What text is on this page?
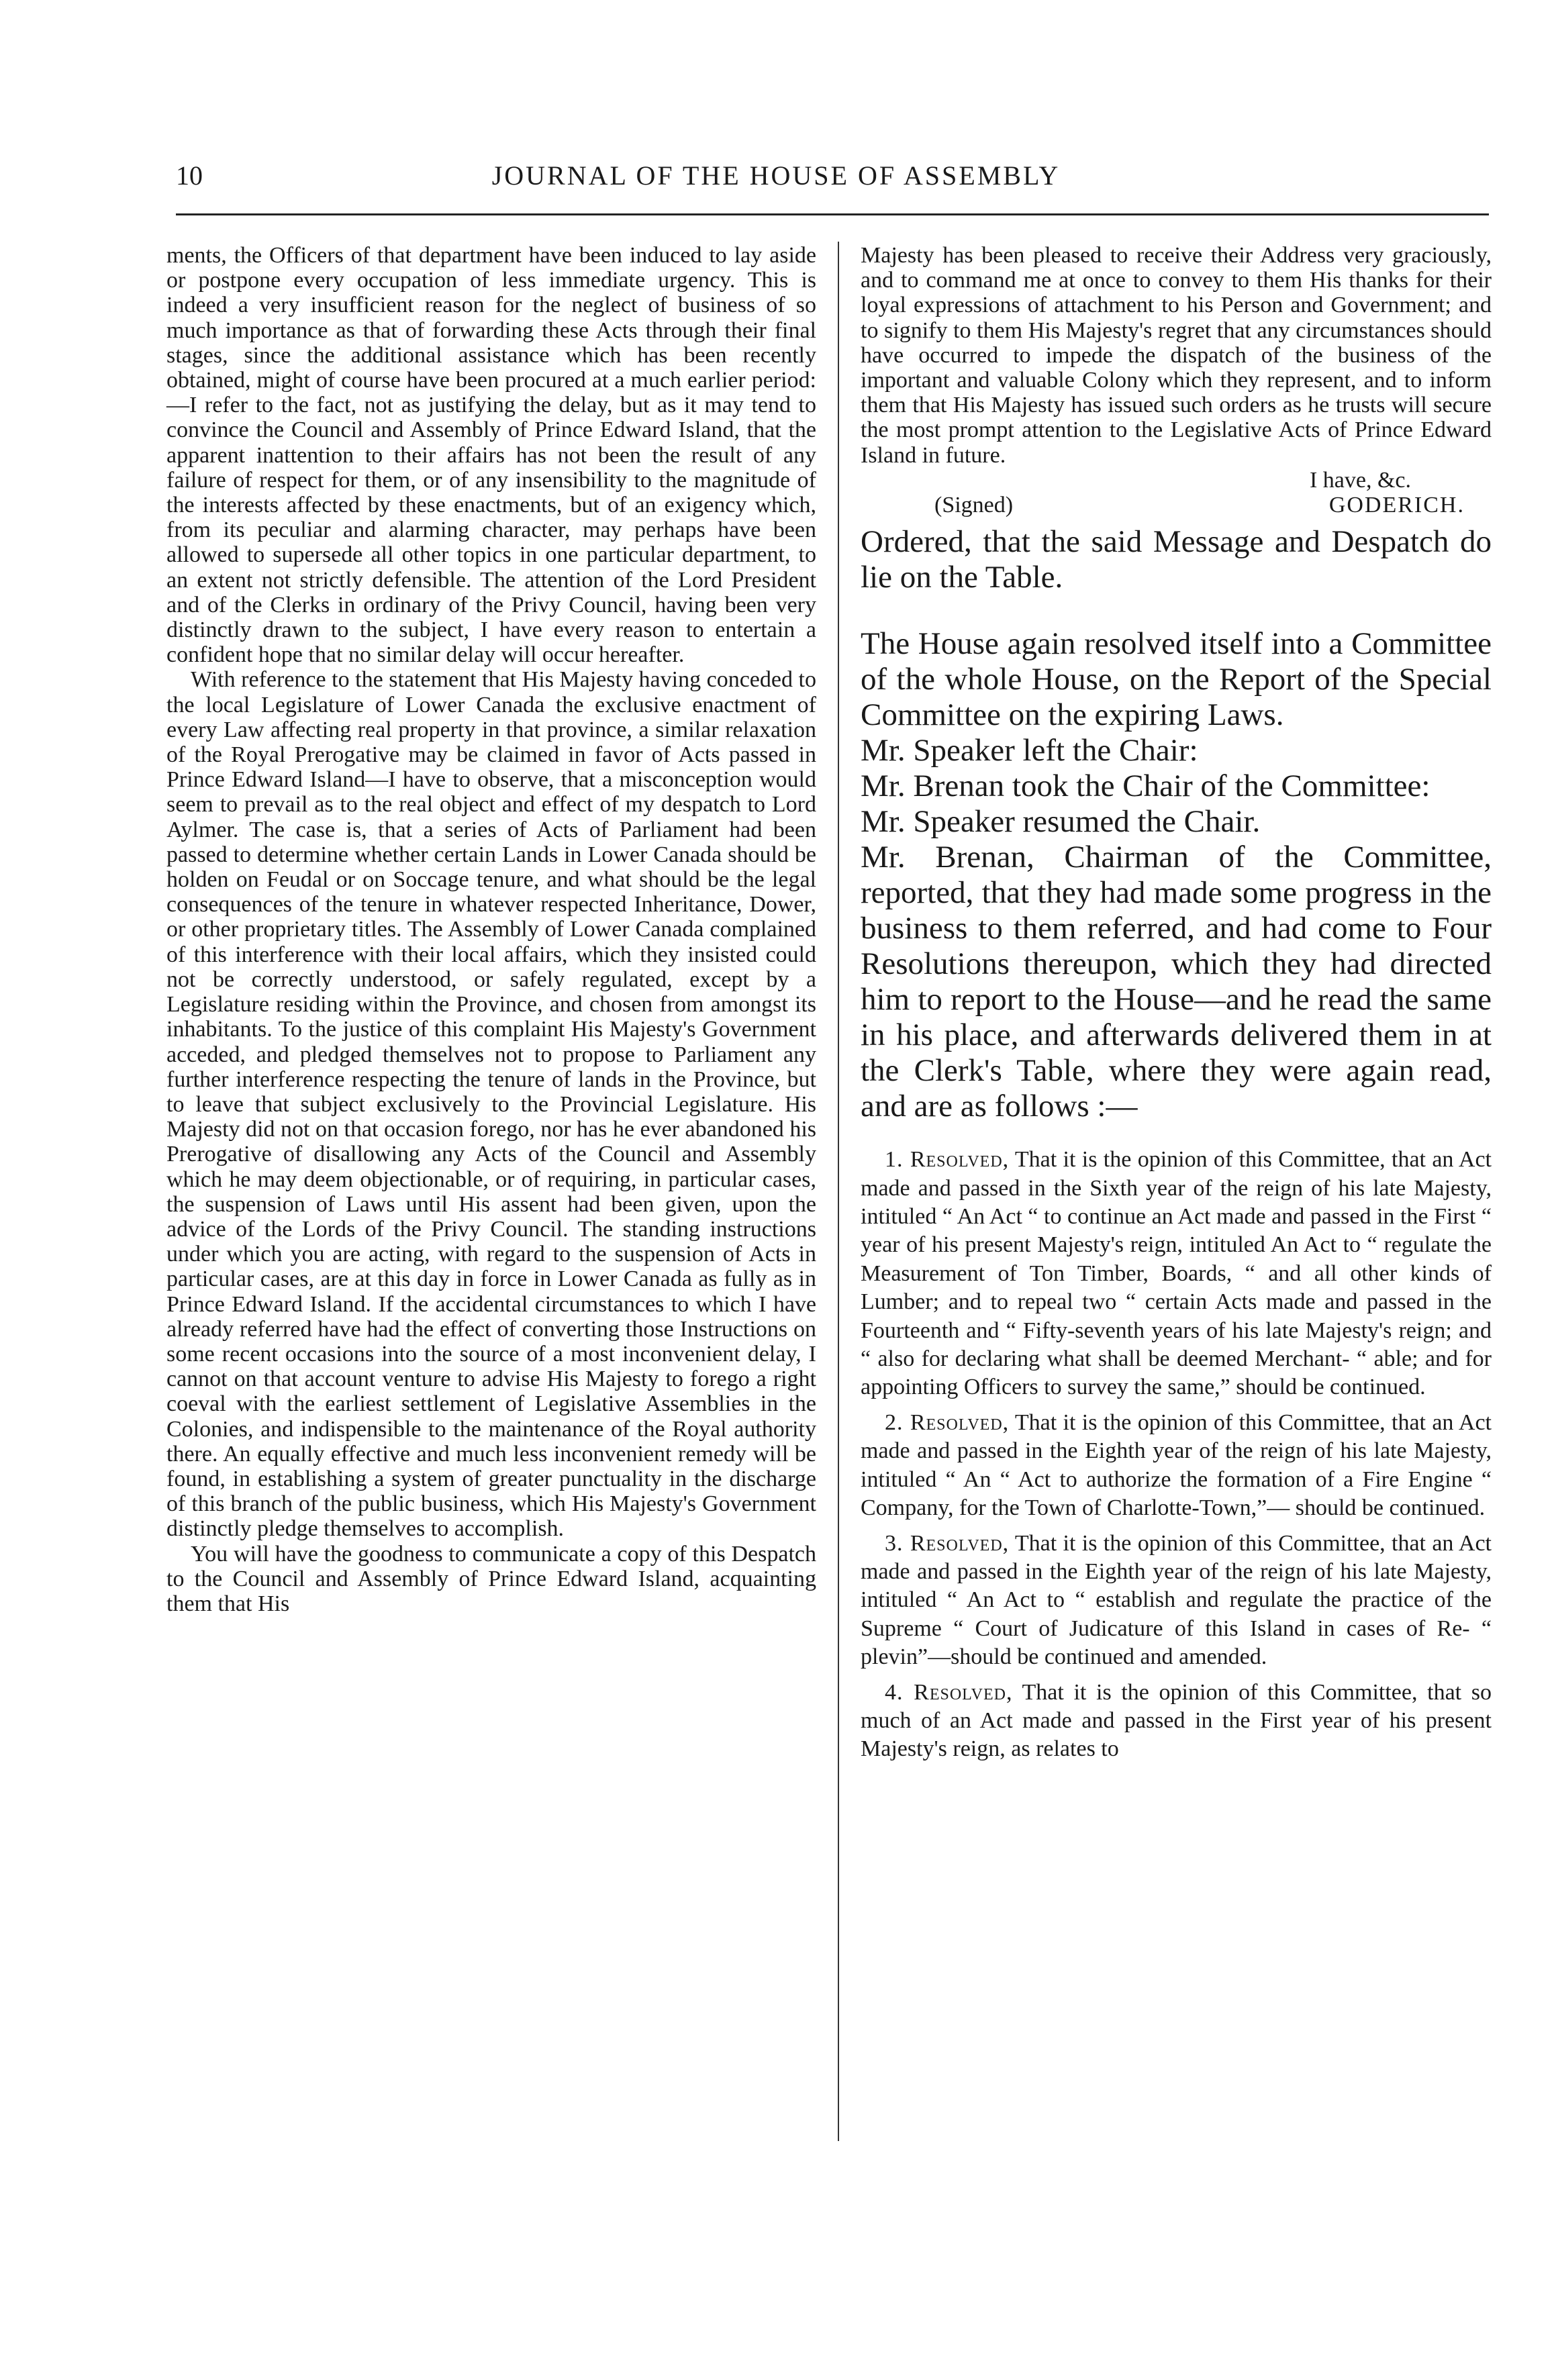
10	JOURNAL OF THE HOUSE OF ASSEMBLY

ments, the Officers of that department have been induced to lay aside or postpone every occupation of less immediate urgency. This is indeed a very insufficient reason for the neglect of business of so much importance as that of forwarding these Acts through their final stages, since the additional assistance which has been recently obtained, might of course have been procured at a much earlier period:—I refer to the fact, not as justifying the delay, but as it may tend to convince the Council and Assembly of Prince Edward Island, that the apparent inattention to their affairs has not been the result of any failure of respect for them, or of any insensibility to the magnitude of the interests affected by these enactments, but of an exigency which, from its peculiar and alarming character, may perhaps have been allowed to supersede all other topics in one particular department, to an extent not strictly defensible. The attention of the Lord President and of the Clerks in ordinary of the Privy Council, having been very distinctly drawn to the subject, I have every reason to entertain a confident hope that no similar delay will occur hereafter.

With reference to the statement that His Majesty having conceded to the local Legislature of Lower Canada the exclusive enactment of every Law affecting real property in that province, a similar relaxation of the Royal Prerogative may be claimed in favor of Acts passed in Prince Edward Island—I have to observe, that a misconception would seem to prevail as to the real object and effect of my despatch to Lord Aylmer. The case is, that a series of Acts of Parliament had been passed to determine whether certain Lands in Lower Canada should be holden on Feudal or on Soccage tenure, and what should be the legal consequences of the tenure in whatever respected Inheritance, Dower, or other proprietary titles. The Assembly of Lower Canada complained of this interference with their local affairs, which they insisted could not be correctly understood, or safely regulated, except by a Legislature residing within the Province, and chosen from amongst its inhabitants. To the justice of this complaint His Majesty's Government acceded, and pledged themselves not to propose to Parliament any further interference respecting the tenure of lands in the Province, but to leave that subject exclusively to the Provincial Legislature. His Majesty did not on that occasion forego, nor has he ever abandoned his Prerogative of disallowing any Acts of the Council and Assembly which he may deem objectionable, or of requiring, in particular cases, the suspension of Laws until His assent had been given, upon the advice of the Lords of the Privy Council. The standing instructions under which you are acting, with regard to the suspension of Acts in particular cases, are at this day in force in Lower Canada as fully as in Prince Edward Island. If the accidental circumstances to which I have already referred have had the effect of converting those Instructions on some recent occasions into the source of a most inconvenient delay, I cannot on that account venture to advise His Majesty to forego a right coeval with the earliest settlement of Legislative Assemblies in the Colonies, and indispensible to the maintenance of the Royal authority there. An equally effective and much less inconvenient remedy will be found, in establishing a system of greater punctuality in the discharge of this branch of the public business, which His Majesty's Government distinctly pledge themselves to accomplish.

You will have the goodness to communicate a copy of this Despatch to the Council and Assembly of Prince Edward Island, acquainting them that His

Majesty has been pleased to receive their Address very graciously, and to command me at once to convey to them His thanks for their loyal expressions of attachment to his Person and Government; and to signify to them His Majesty's regret that any circumstances should have occurred to impede the dispatch of the business of the important and valuable Colony which they represent, and to inform them that His Majesty has issued such orders as he trusts will secure the most prompt attention to the Legislative Acts of Prince Edward Island in future.

I have, &c.
(Signed)	GODERICH.

Ordered, that the said Message and Despatch do lie on the Table.

The House again resolved itself into a Committee of the whole House, on the Report of the Special Committee on the expiring Laws.

Mr. Speaker left the Chair:

Mr. Brenan took the Chair of the Committee:

Mr. Speaker resumed the Chair.

Mr. Brenan, Chairman of the Committee, reported, that they had made some progress in the business to them referred, and had come to Four Resolutions thereupon, which they had directed him to report to the House—and he read the same in his place, and afterwards delivered them in at the Clerk's Table, where they were again read, and are as follows :—

1. Resolved, That it is the opinion of this Committee, that an Act made and passed in the Sixth year of the reign of his late Majesty, intituled “ An Act “ to continue an Act made and passed in the First “ year of his present Majesty's reign, intituled An Act to “ regulate the Measurement of Ton Timber, Boards, “ and all other kinds of Lumber; and to repeal two “ certain Acts made and passed in the Fourteenth and “ Fifty-seventh years of his late Majesty's reign; and “ also for declaring what shall be deemed Merchant- “ able; and for appointing Officers to survey the same,” should be continued.

2. Resolved, That it is the opinion of this Committee, that an Act made and passed in the Eighth year of the reign of his late Majesty, intituled “ An “ Act to authorize the formation of a Fire Engine “ Company, for the Town of Charlotte-Town,”— should be continued.

3. Resolved, That it is the opinion of this Committee, that an Act made and passed in the Eighth year of the reign of his late Majesty, intituled “ An Act to “ establish and regulate the practice of the Supreme “ Court of Judicature of this Island in cases of Re- “ plevin”—should be continued and amended.

4. Resolved, That it is the opinion of this Committee, that so much of an Act made and passed in the First year of his present Majesty's reign, as relates to
